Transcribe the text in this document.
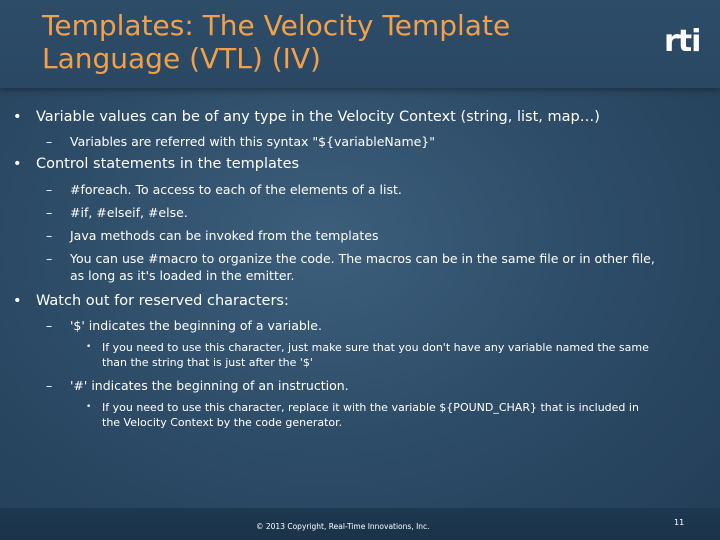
Templates: The Velocity Template Language (VTL) (IV)	rti
• Variable values can be of any type in the Velocity Context (string, list, map…)
– Variables are referred with this syntax "${variableName}"
• Control statements in the templates
– #foreach. To access to each of the elements of a list.
– #if, #elseif, #else.
– Java methods can be invoked from the templates
– You can use #macro to organize the code. The macros can be in the same file or in other file, as long as it's loaded in the emitter.
• Watch out for reserved characters:
– '$' indicates the beginning of a variable.
• If you need to use this character, just make sure that you don't have any variable named the same than the string that is just after the '$'
– '#' indicates the beginning of an instruction.
• If you need to use this character, replace it with the variable ${POUND_CHAR} that is included in the Velocity Context by the code generator.
© 2013 Copyright, Real-Time Innovations, Inc.	11
